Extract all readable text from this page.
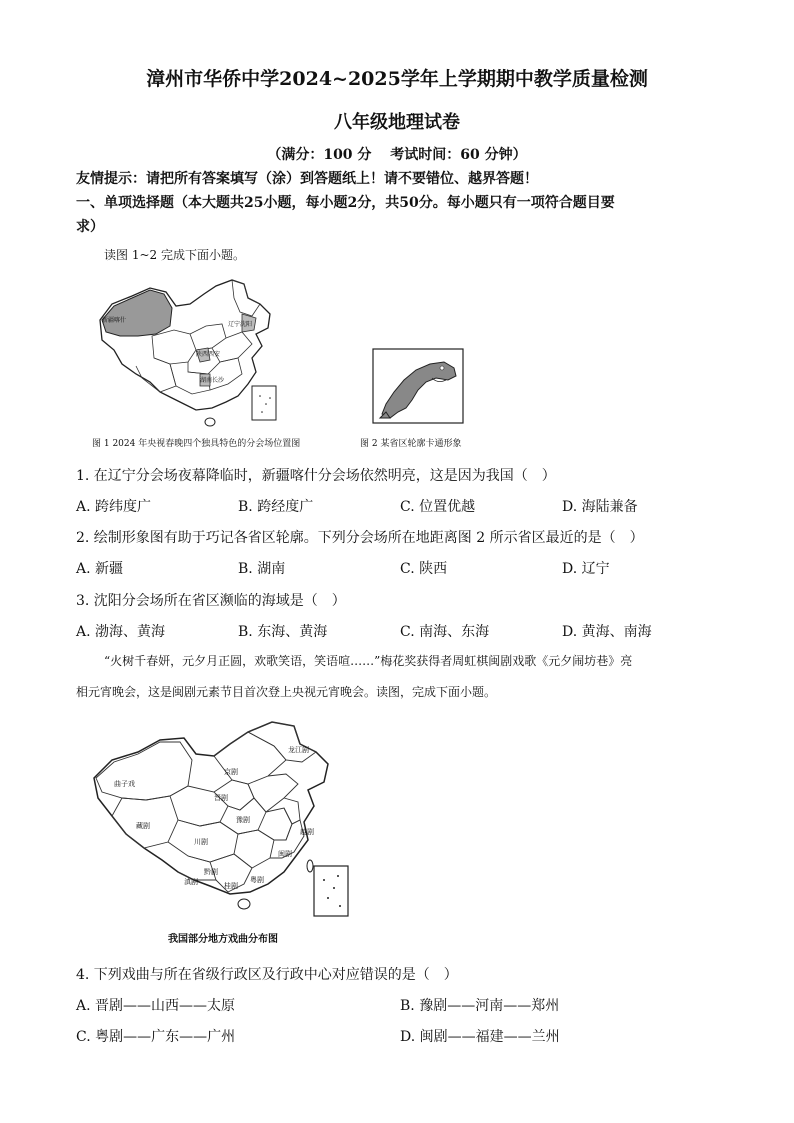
漳州市华侨中学2024~2025学年上学期期中教学质量检测
八年级地理试卷
（满分：100 分　 考试时间：60 分钟）
友情提示：请把所有答案填写（涂）到答题纸上！请不要错位、越界答题！
一、单项选择题（本大题共25小题，每小题2分，共50分。每小题只有一项符合题目要
求）
读图 1~2 完成下面小题。
新疆喀什
辽宁沈阳
陕西西安
湖南长沙
图 1 2024 年央视春晚四个独具特色的分会场位置图	图 2 某省区轮廓卡通形象
1. 在辽宁分会场夜幕降临时，新疆喀什分会场依然明亮，这是因为我国（　）
A. 跨纬度广	B. 跨经度广	C. 位置优越	D. 海陆兼备
2. 绘制形象图有助于巧记各省区轮廓。下列分会场所在地距离图 2 所示省区最近的是（　）
A. 新疆	B. 湖南	C. 陕西	D. 辽宁
3. 沈阳分会场所在省区濒临的海域是（　）
A. 渤海、黄海	B. 东海、黄海	C. 南海、东海	D. 黄海、南海
“火树千春妍，元夕月正圆，欢歌笑语，笑语喧……”梅花奖获得者周虹棋闽剧戏歌《元夕闹坊巷》亮
相元宵晚会，这是闽剧元素节目首次登上央视元宵晚会。读图，完成下面小题。
曲子戏
京剧
龙江剧
晋剧
豫剧
越剧
川剧
藏剧
黔剧
滇剧	桂剧
粤剧
闽剧
我国部分地方戏曲分布图
4. 下列戏曲与所在省级行政区及行政中心对应错误的是（　）
A. 晋剧——山西——太原	B. 豫剧——河南——郑州
C. 粤剧——广东——广州	D. 闽剧——福建——兰州
